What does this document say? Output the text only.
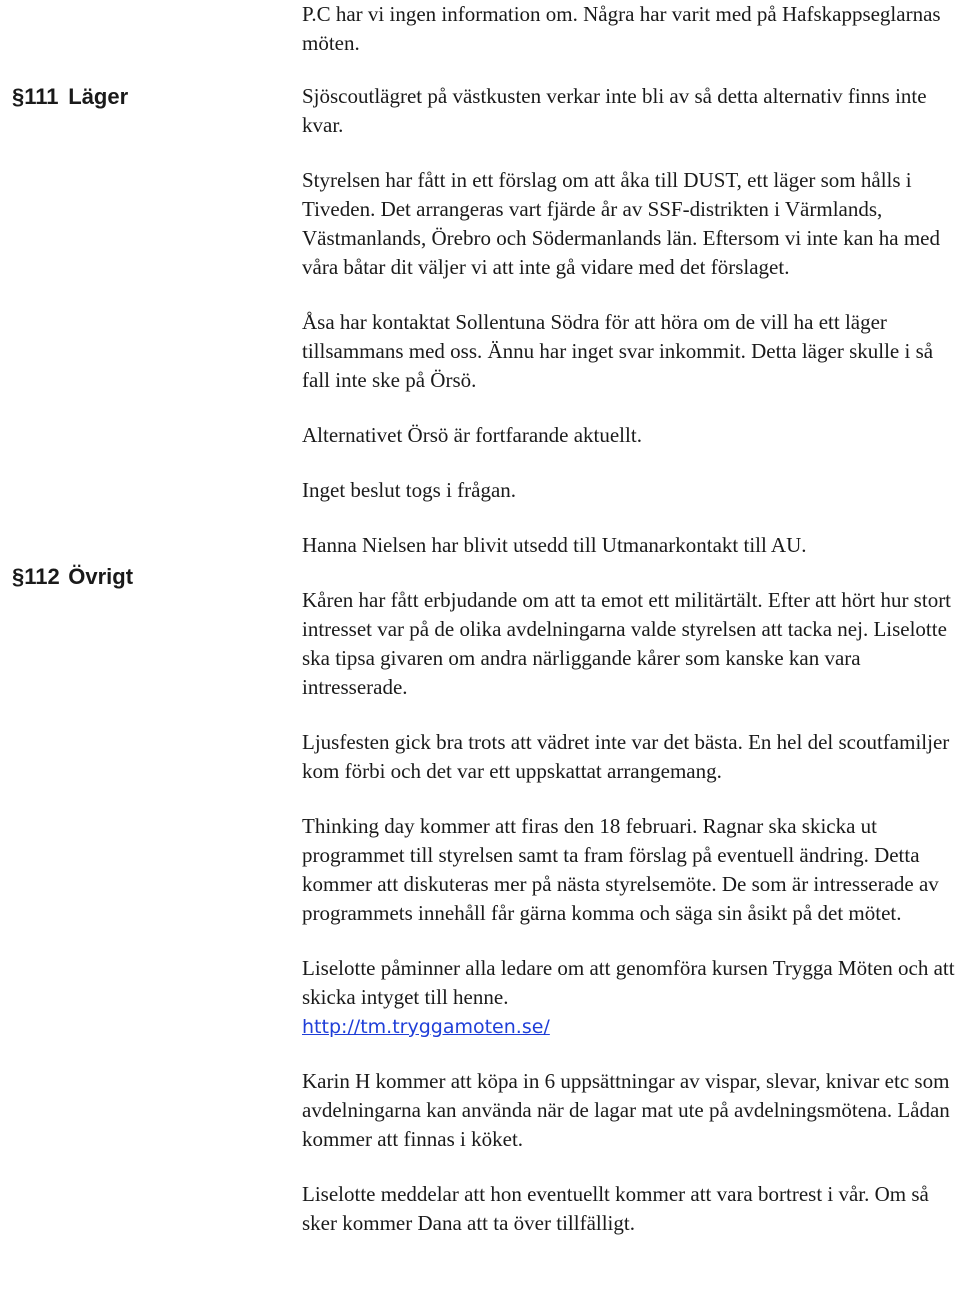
§111 Läger
§112 Övrigt

P.C har vi ingen information om. Några har varit med på Hafskappseglarnas möten.

Sjöscoutlägret på västkusten verkar inte bli av så detta alternativ finns inte kvar.

Styrelsen har fått in ett förslag om att åka till DUST, ett läger som hålls i Tiveden. Det arrangeras vart fjärde år av SSF-distrikten i Värmlands, Västmanlands, Örebro och Södermanlands län. Eftersom vi inte kan ha med våra båtar dit väljer vi att inte gå vidare med det förslaget.

Åsa har kontaktat Sollentuna Södra för att höra om de vill ha ett läger tillsammans med oss. Ännu har inget svar inkommit. Detta läger skulle i så fall inte ske på Örsö.

Alternativet Örsö är fortfarande aktuellt.

Inget beslut togs i frågan.

Hanna Nielsen har blivit utsedd till Utmanarkontakt till AU.

Kåren har fått erbjudande om att ta emot ett militärtält. Efter att hört hur stort intresset var på de olika avdelningarna valde styrelsen att tacka nej. Liselotte ska tipsa givaren om andra närliggande kårer som kanske kan vara intresserade.

Ljusfesten gick bra trots att vädret inte var det bästa. En hel del scoutfamiljer kom förbi och det var ett uppskattat arrangemang.

Thinking day kommer att firas den 18 februari. Ragnar ska skicka ut programmet till styrelsen samt ta fram förslag på eventuell ändring. Detta kommer att diskuteras mer på nästa styrelsemöte. De som är intresserade av programmets innehåll får gärna komma och säga sin åsikt på det mötet.

Liselotte påminner alla ledare om att genomföra kursen Trygga Möten och att skicka intyget till henne.
http://tm.tryggamoten.se/

Karin H kommer att köpa in 6 uppsättningar av vispar, slevar, knivar etc som avdelningarna kan använda när de lagar mat ute på avdelningsmötena. Lådan kommer att finnas i köket.

Liselotte meddelar att hon eventuellt kommer att vara bortrest i vår. Om så sker kommer Dana att ta över tillfälligt.
